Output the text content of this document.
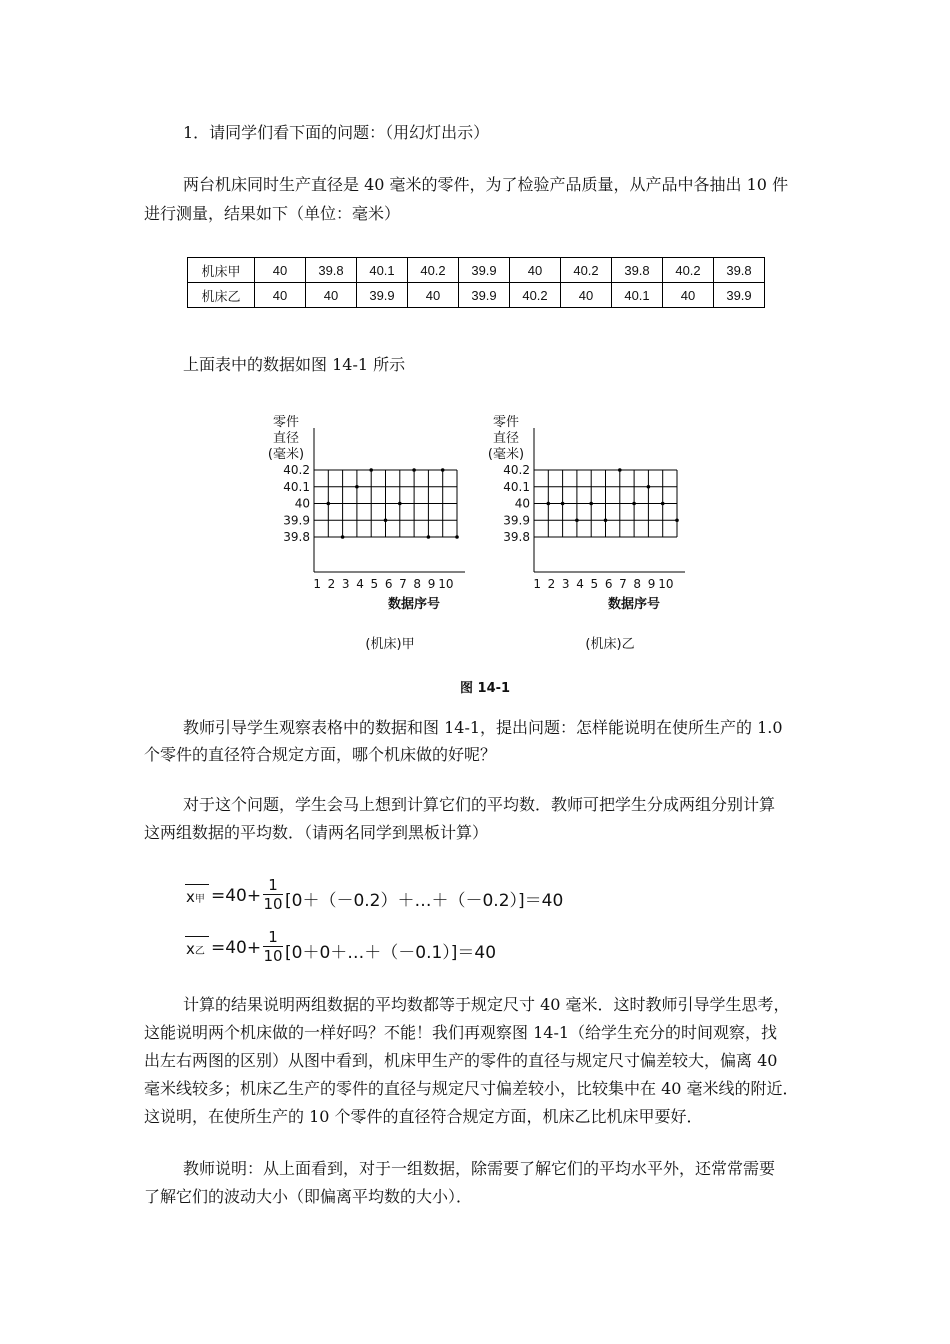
1．请同学们看下面的问题：（用幻灯出示）

两台机床同时生产直径是 40 毫米的零件，为了检验产品质量，从产品中各抽出 10 件

进行测量，结果如下（单位：毫米）

机床甲	40	39.8	40.1	40.2	39.9	40	40.2	39.8	40.2	39.8
机床乙	40	40	39.9	40	39.9	40.2	40	40.1	40	39.9

上面表中的数据如图 14-1 所示

零件
直径
(毫米)
40.2
40.1
40
39.9
39.8
1 2 3 4 5 6 7 8 9 10
数据序号
(机床)甲
零件
直径
(毫米)
40.2
40.1
40
39.9
39.8
1 2 3 4 5 6 7 8 9 10
数据序号
(机床)乙
图 14-1

教师引导学生观察表格中的数据和图 14-1，提出问题：怎样能说明在使所生产的 1.0

个零件的直径符合规定方面，哪个机床做的好呢？

对于这个问题，学生会马上想到计算它们的平均数．教师可把学生分成两组分别计算

这两组数据的平均数．（请两名同学到黑板计算）

x甲 $=40+ \frac{1}{10}$ [0＋（－0.2）＋…＋（－0.2）]＝40
x乙 $=40+ \frac{1}{10}$ [0＋0＋…＋（－0.1）]＝40

计算的结果说明两组数据的平均数都等于规定尺寸 40 毫米．这时教师引导学生思考，

这能说明两个机床做的一样好吗？不能！我们再观察图 14-1（给学生充分的时间观察，找

出左右两图的区别）从图中看到，机床甲生产的零件的直径与规定尺寸偏差较大，偏离 40

毫米线较多；机床乙生产的零件的直径与规定尺寸偏差较小，比较集中在 40 毫米线的附近．

这说明，在使所生产的 10 个零件的直径符合规定方面，机床乙比机床甲要好．

教师说明：从上面看到，对于一组数据，除需要了解它们的平均水平外，还常常需要

了解它们的波动大小（即偏离平均数的大小）．
